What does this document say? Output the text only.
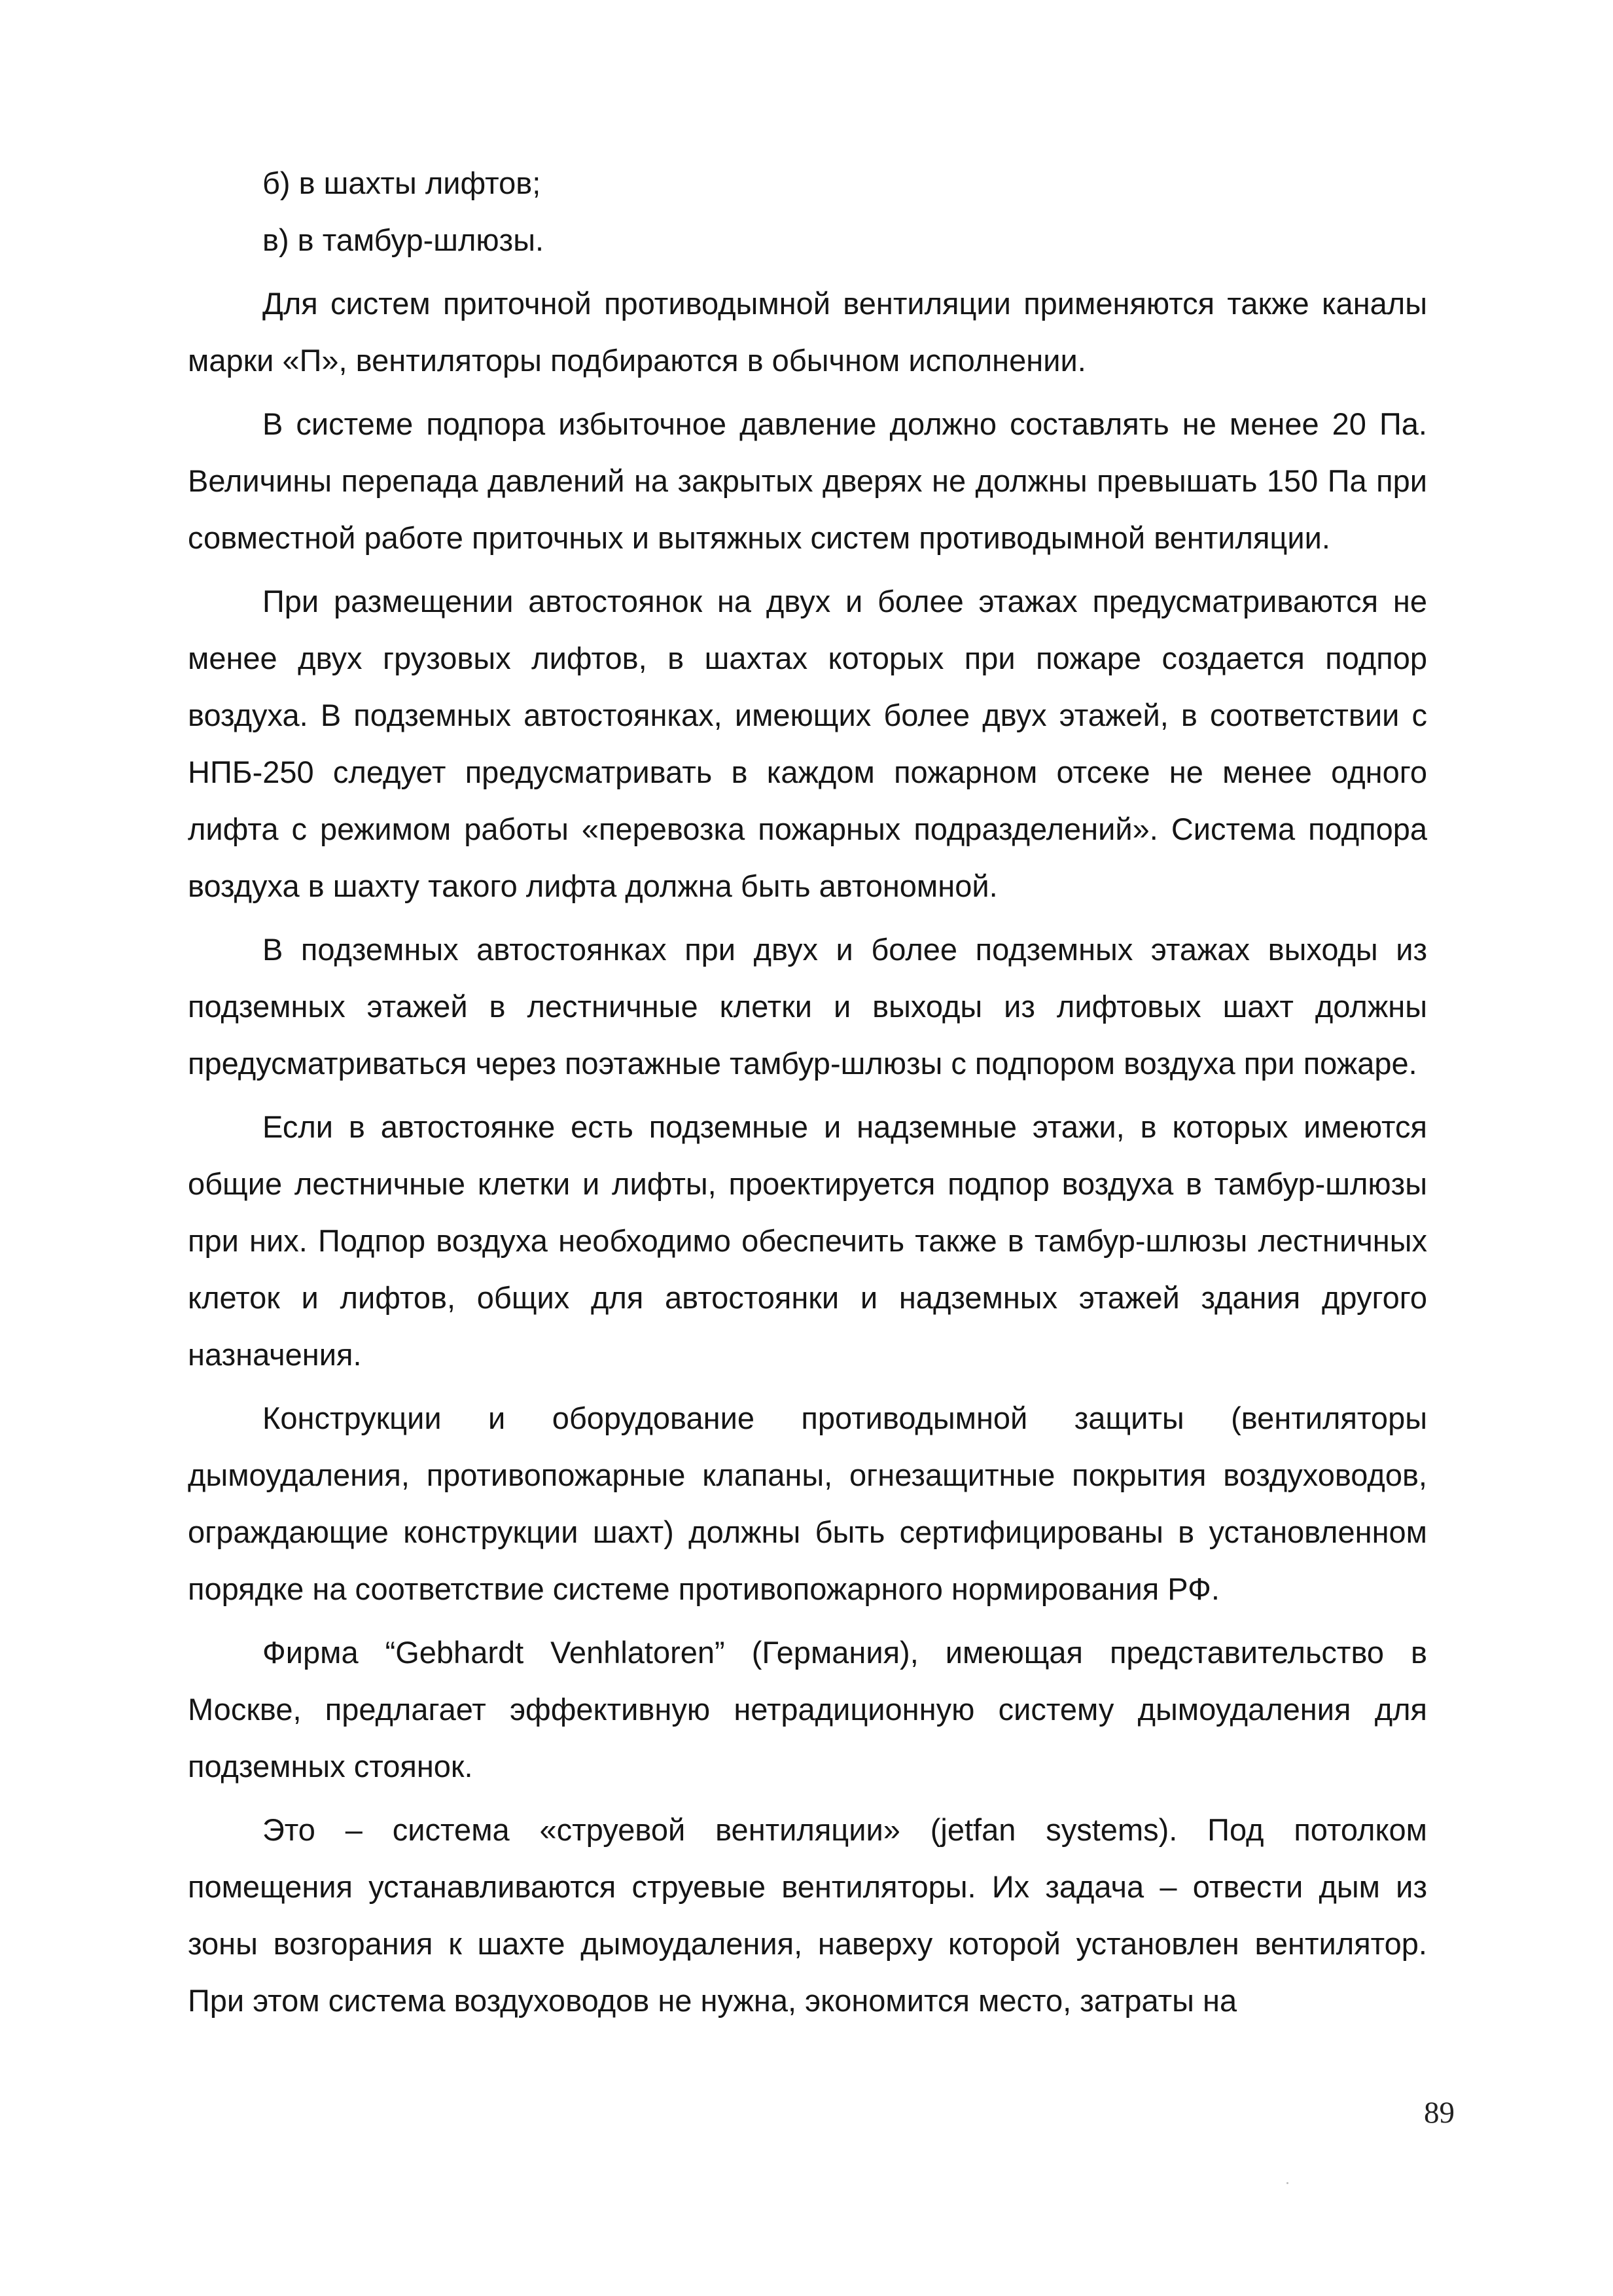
б) в шахты лифтов;

в) в тамбур-шлюзы.

Для систем приточной противодымной вентиляции применяются также каналы марки «П», вентиляторы подбираются в обычном исполнении.

В системе подпора избыточное давление должно составлять не менее 20 Па. Величины перепада давлений на закрытых дверях не должны превышать 150 Па при совместной работе приточных и вытяжных систем противодымной вентиляции.

При размещении автостоянок на двух и более этажах предусматриваются не менее двух грузовых лифтов, в шахтах которых при пожаре создается подпор воздуха. В подземных автостоянках, имеющих более двух этажей, в соответствии с НПБ-250 следует предусматривать в каждом пожарном отсеке не менее одного лифта с режимом работы «перевозка пожарных подразделений». Система подпора воздуха в шахту такого лифта должна быть автономной.

В подземных автостоянках при двух и более подземных этажах выходы из подземных этажей в лестничные клетки и выходы из лифтовых шахт должны предусматриваться через поэтажные тамбур-шлюзы с подпором воздуха при пожаре.

Если в автостоянке есть подземные и надземные этажи, в которых имеются общие лестничные клетки и лифты, проектируется подпор воздуха в тамбур-шлюзы при них. Подпор воздуха необходимо обеспечить также в тамбур-шлюзы лестничных клеток и лифтов, общих для автостоянки и надземных этажей здания другого назначения.

Конструкции и оборудование противодымной защиты (вентиляторы дымоудаления, противопожарные клапаны, огнезащитные покрытия воздуховодов, ограждающие конструкции шахт) должны быть сертифицированы в установленном порядке на соответствие системе противопожарного нормирования РФ.

Фирма “Gebhardt Venhlatoren” (Германия), имеющая представительство в Москве, предлагает эффективную нетрадиционную систему дымоудаления для подземных стоянок.

Это – система «струевой вентиляции» (jetfan systems). Под потолком помещения устанавливаются струевые вентиляторы. Их задача – отвести дым из зоны возгорания к шахте дымоудаления, наверху которой установлен вентилятор. При этом система воздуховодов не нужна, экономится место, затраты на

89
